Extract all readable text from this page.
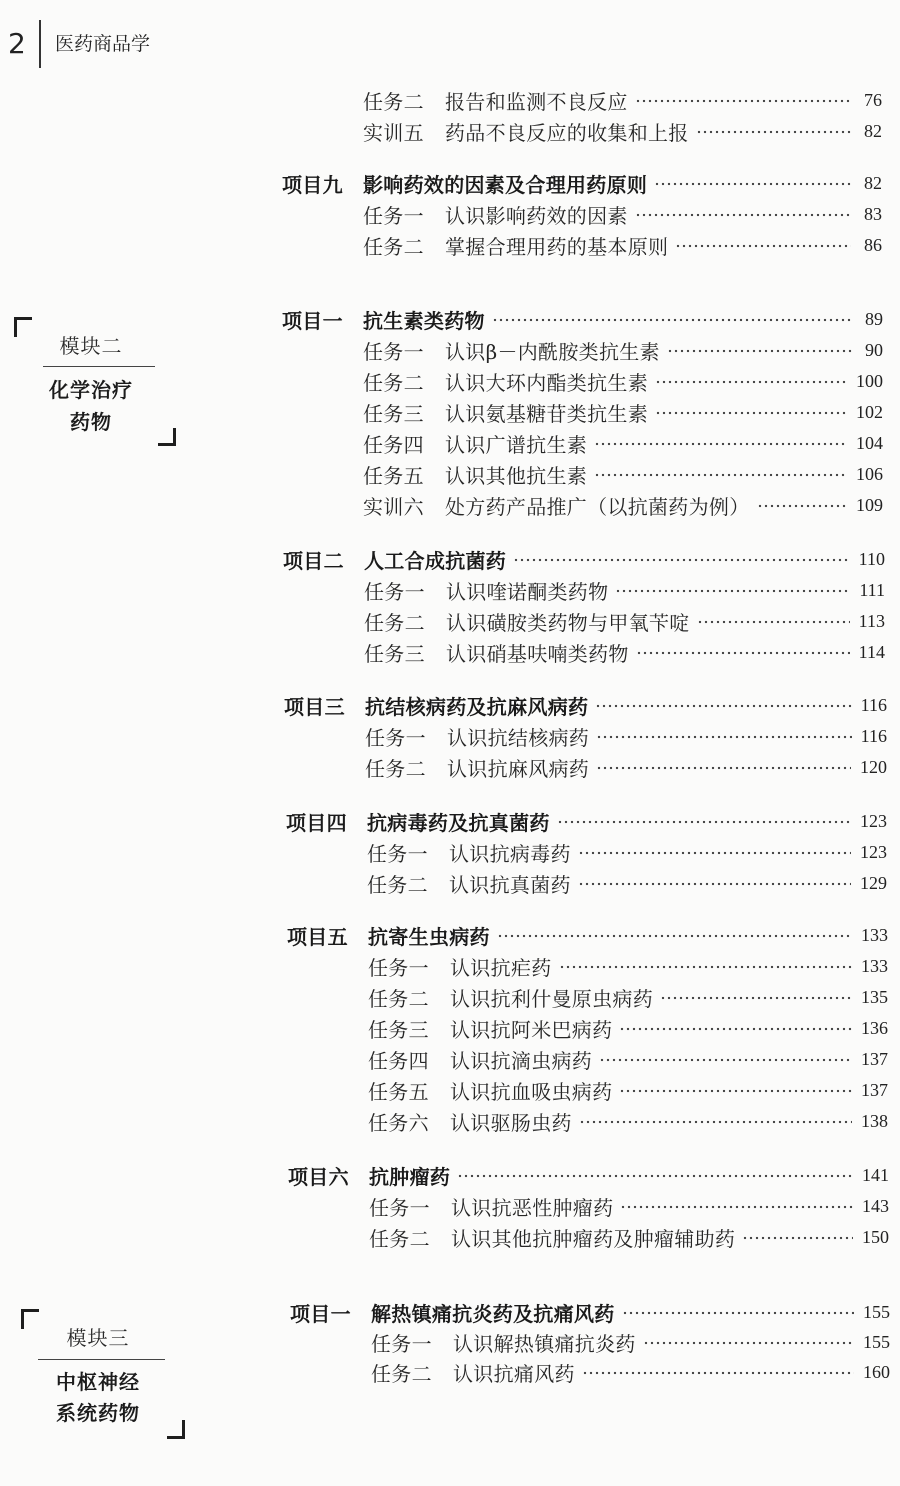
2 医药商品学
模块二
化学治疗
药物
模块三
中枢神经
系统药物
任务二	报告和监测不良反应	76
实训五	药品不良反应的收集和上报	82
项目九	影响药效的因素及合理用药原则	82
任务一	认识影响药效的因素	83
任务二	掌握合理用药的基本原则	86
项目一	抗生素类药物	89
任务一	认识β－内酰胺类抗生素	90
任务二	认识大环内酯类抗生素	100
任务三	认识氨基糖苷类抗生素	102
任务四	认识广谱抗生素	104
任务五	认识其他抗生素	106
实训六	处方药产品推广（以抗菌药为例）	109
项目二	人工合成抗菌药	110
任务一	认识喹诺酮类药物	111
任务二	认识磺胺类药物与甲氧苄啶	113
任务三	认识硝基呋喃类药物	114
项目三	抗结核病药及抗麻风病药	116
任务一	认识抗结核病药	116
任务二	认识抗麻风病药	120
项目四	抗病毒药及抗真菌药	123
任务一	认识抗病毒药	123
任务二	认识抗真菌药	129
项目五	抗寄生虫病药	133
任务一	认识抗疟药	133
任务二	认识抗利什曼原虫病药	135
任务三	认识抗阿米巴病药	136
任务四	认识抗滴虫病药	137
任务五	认识抗血吸虫病药	137
任务六	认识驱肠虫药	138
项目六	抗肿瘤药	141
任务一	认识抗恶性肿瘤药	143
任务二	认识其他抗肿瘤药及肿瘤辅助药	150
项目一	解热镇痛抗炎药及抗痛风药	155
任务一	认识解热镇痛抗炎药	155
任务二	认识抗痛风药	160
